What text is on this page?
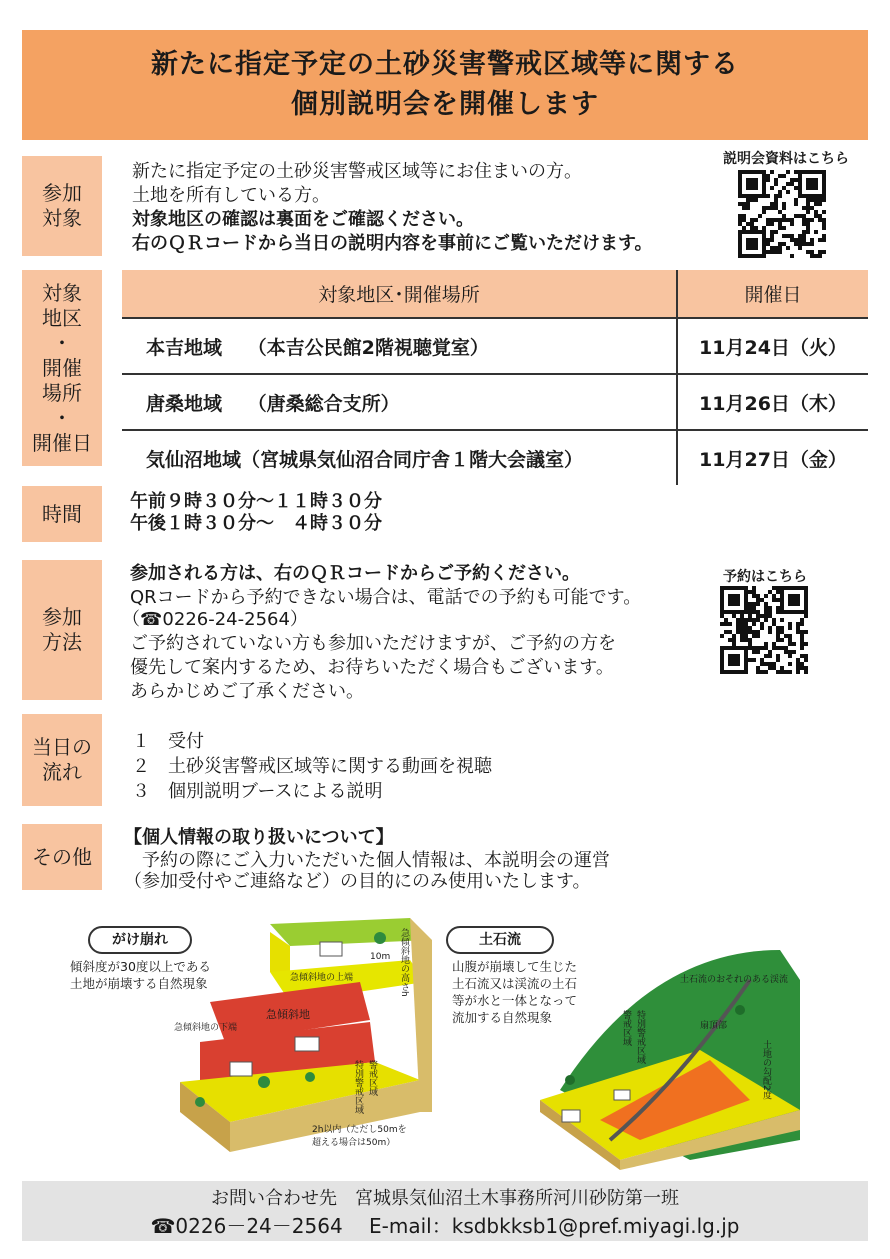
新たに指定予定の土砂災害警戒区域等に関する
個別説明会を開催します
参加
対象
新たに指定予定の土砂災害警戒区域等にお住まいの方。
土地を所有している方。
対象地区の確認は裏面をご確認ください。
右のＱＲコードから当日の説明内容を事前にご覧いただけます。
説明会資料はこちら
対象
地区
・
開催
場所
・
開催日
対象地区･開催場所	開催日
本吉地域　 （本吉公民館2階視聴覚室）	11月24日（火）
唐桑地域　 （唐桑総合支所）	11月26日（木）
気仙沼地域（宮城県気仙沼合同庁舎１階大会議室）	11月27日（金）
時間	午前９時３０分～１１時３０分
午後１時３０分～　４時３０分
参加
方法
参加される方は、右のＱＲコードからご予約ください。
QRコードから予約できない場合は、電話での予約も可能です。
（☎0226-24-2564）
ご予約されていない方も参加いただけますが、ご予約の方を
優先して案内するため、お待ちいただく場合もございます。
あらかじめご了承ください。
予約はこちら
当日の
流れ
１　受付
２　土砂災害警戒区域等に関する動画を視聴
３　個別説明ブースによる説明
その他
【個人情報の取り扱いについて】
　予約の際にご入力いただいた個人情報は、本説明会の運営
（参加受付やご連絡など）の目的にのみ使用いたします。
がけ崩れ
傾斜度が30度以上である
土地が崩壊する自然現象	急傾斜地の上端
急傾斜地
急傾斜地の下端
急傾斜地の高さh
10m
警戒区域
特別警戒区域
2h以内（ただし50mを
超える場合は50m）
土石流
山腹が崩壊して生じた
土石流又は渓流の土石
等が水と一体となって
流加する自然現象
土石流のおそれのある渓流
扇頂部
土地の勾配2度
警戒区域 特別警戒区域
お問い合わせ先　宮城県気仙沼土木事務所河川砂防第一班
☎0226－24－2564　 E-mail：ksdbkksb1@pref.miyagi.lg.jp
